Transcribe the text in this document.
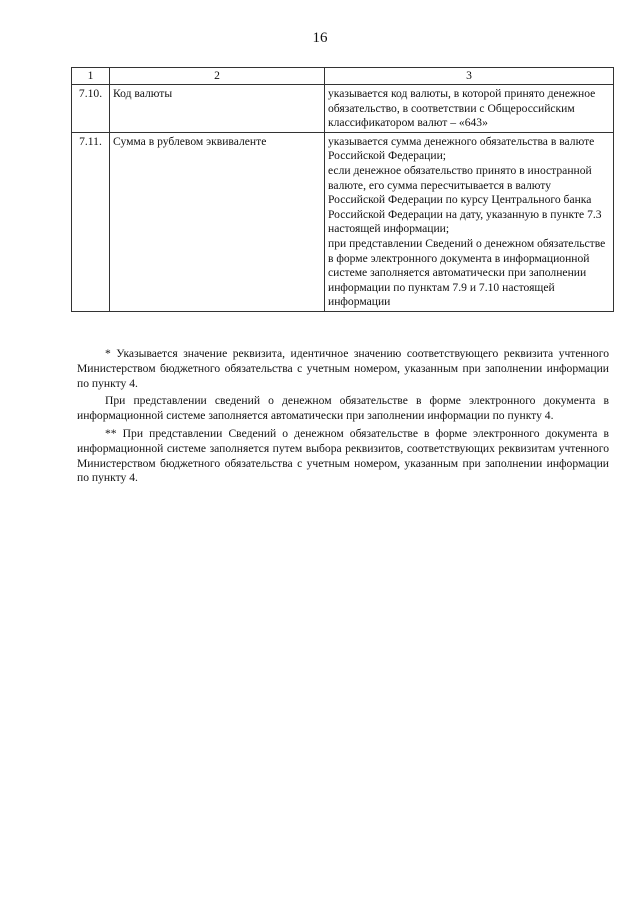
16
1	2	3
7.10.	Код валюты	указывается код валюты, в которой принято денежное обязательство, в соответствии с Общероссийским классификатором валют – «643»
7.11.	Сумма в рублевом эквиваленте	указывается сумма денежного обязательства в валюте Российской Федерации;
если денежное обязательство принято в иностранной валюте, его сумма пересчитывается в валюту Российской Федерации по курсу Центрального банка Российской Федерации на дату, указанную в пункте 7.3 настоящей информации;
при представлении Сведений о денежном обязательстве в форме электронного документа в информационной системе заполняется автоматически при заполнении информации по пунктам 7.9 и 7.10 настоящей информации

* Указывается значение реквизита, идентичное значению соответствующего реквизита учтенного Министерством бюджетного обязательства с учетным номером, указанным при заполнении информации по пункту 4.

При представлении сведений о денежном обязательстве в форме электронного документа в информационной системе заполняется автоматически при заполнении информации по пункту 4.

** При представлении Сведений о денежном обязательстве в форме электронного документа в информационной системе заполняется путем выбора реквизитов, соответствующих реквизитам учтенного Министерством бюджетного обязательства с учетным номером, указанным при заполнении информации по пункту 4.
